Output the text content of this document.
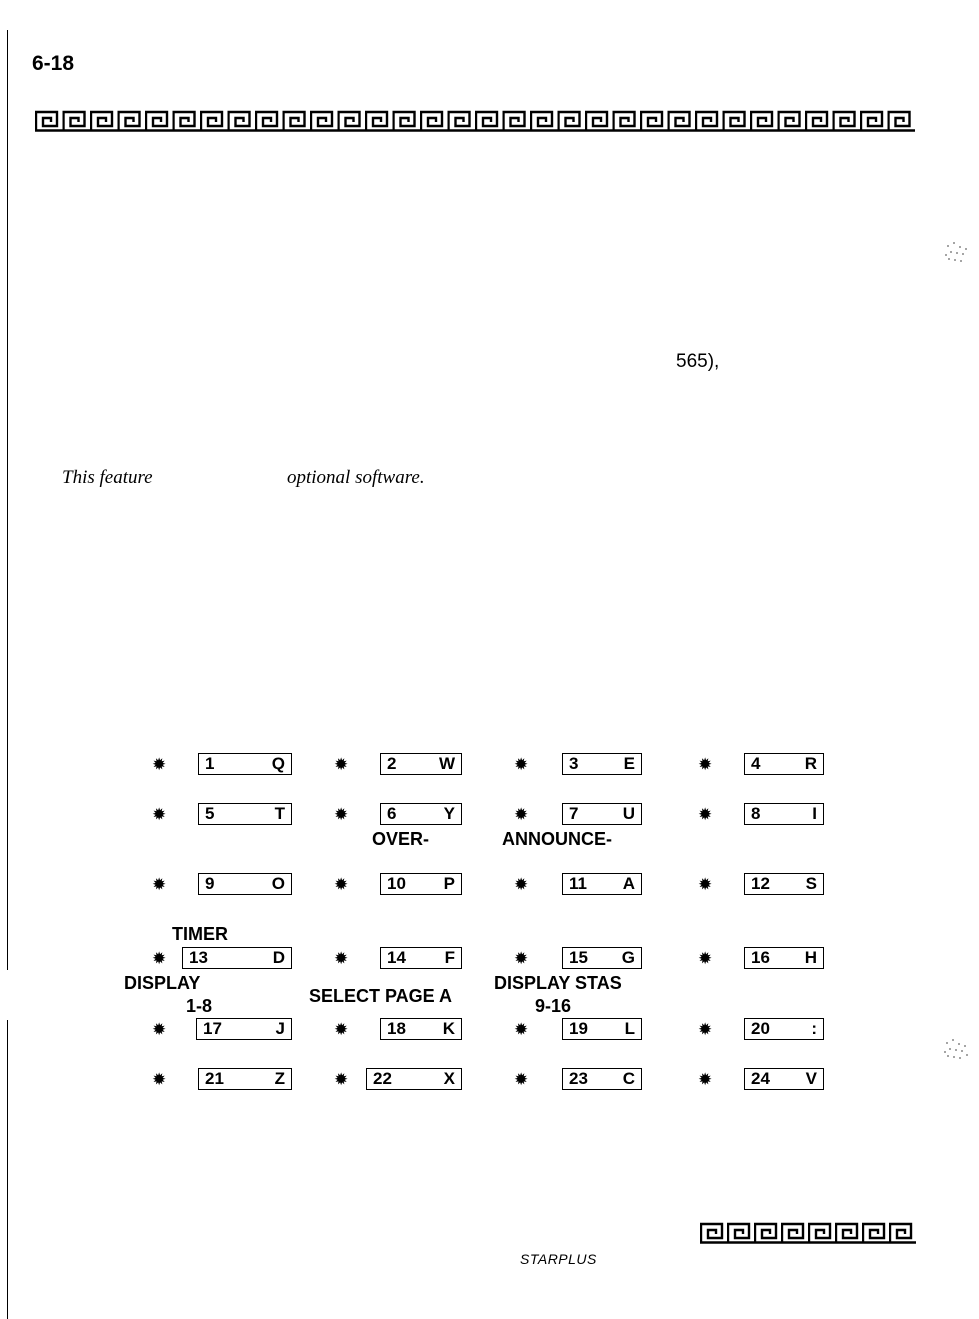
6-18
565),
This feature	optional software.
✹ 1	Q	✹ 2 W	✹ 3	E	✹ 4	R
✹ 5	T	✹ 6	Y	✹ 7	U	✹ 8	I
OVER-	ANNOUNCE-
✹ 9	O	✹ 10 P	✹ 11 A	✹ 12 S
TIMER
✹ 13	D	✹ 14 F	✹ 15 G	✹ 16 H
DISPLAY
1-8	SELECT PAGE A
DISPLAY STAS
9-16
✹ 17	J	✹ 18 K	✹ 19 L	✹ 20 :
✹ 21	Z	✹ 22	X	✹ 23 C	✹ 24 V
STARPLUS
